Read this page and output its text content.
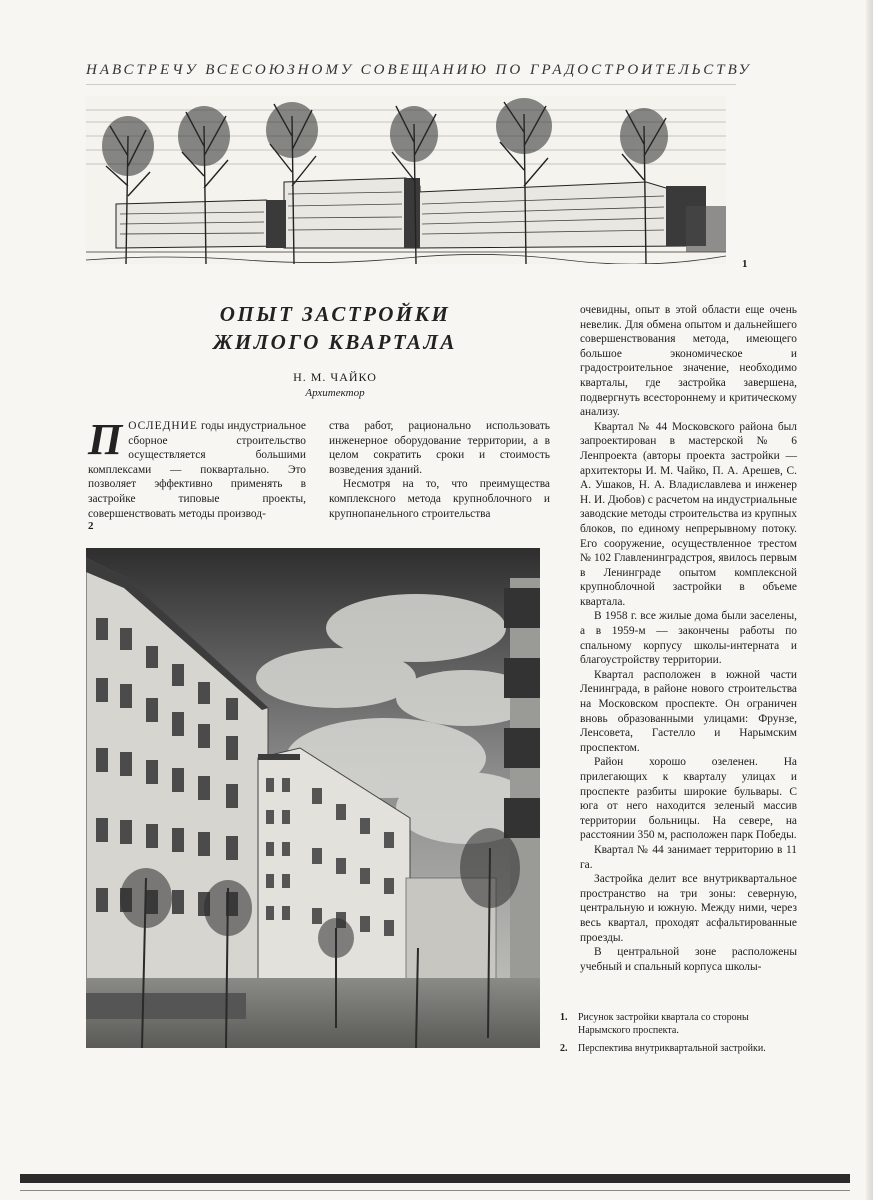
НАВСТРЕЧУ ВСЕСОЮЗНОМУ СОВЕЩАНИЮ ПО ГРАДОСТРОИТЕЛЬСТВУ
1
ОПЫТ ЗАСТРОЙКИ
ЖИЛОГО КВАРТАЛА
Н. М. ЧАЙКО
Архитектор

ПОСЛЕДНИЕ годы индустриальное сборное строительство осуществляется большими комплексами — поквартально. Это позволяет эффективно применять в застройке типовые проекты, совершенствовать методы производ-

ства работ, рационально использовать инженерное оборудование территории, а в целом сократить сроки и стоимость возведения зданий.

Несмотря на то, что преимущества комплексного метода крупноблочного и крупнопанельного строительства

очевидны, опыт в этой области еще очень невелик. Для обмена опытом и дальнейшего совершенствования метода, имеющего большое экономическое и градостроительное значение, необходимо кварталы, где застройка завершена, подвергнуть всестороннему и критическому анализу.

Квартал № 44 Московского района был запроектирован в мастерской № 6 Ленпроекта (авторы проекта застройки — архитекторы И. М. Чайко, П. А. Арешев, С. А. Ушаков, Н. А. Владиславлева и инженер Н. И. Дюбов) с расчетом на индустриальные заводские методы строительства из крупных блоков, по единому непрерывному потоку. Его сооружение, осуществленное трестом № 102 Главленинградстроя, явилось первым в Ленинграде опытом комплексной крупноблочной застройки в объеме квартала.

В 1958 г. все жилые дома были заселены, а в 1959-м — закончены работы по спальному корпусу школы-интерната и благоустройству территории.

Квартал расположен в южной части Ленинграда, в районе нового строительства на Московском проспекте. Он ограничен вновь образованными улицами: Фрунзе, Ленсовета, Гастелло и Нарымским проспектом.

Район хорошо озеленен. На прилегающих к кварталу улицах и проспекте разбиты широкие бульвары. С юга от него находится зеленый массив территории больницы. На севере, на расстоянии 350 м, расположен парк Победы.

Квартал № 44 занимает территорию в 11 га.

Застройка делит все внутриквартальное пространство на три зоны: северную, центральную и южную. Между ними, через весь квартал, проходят асфальтированные проезды.

В центральной зоне расположены учебный и спальный корпуса школы-

2
1.	Рисунок застройки квартала со стороны Нарымского проспекта.
2.	Перспектива внутриквартальной застройки.
